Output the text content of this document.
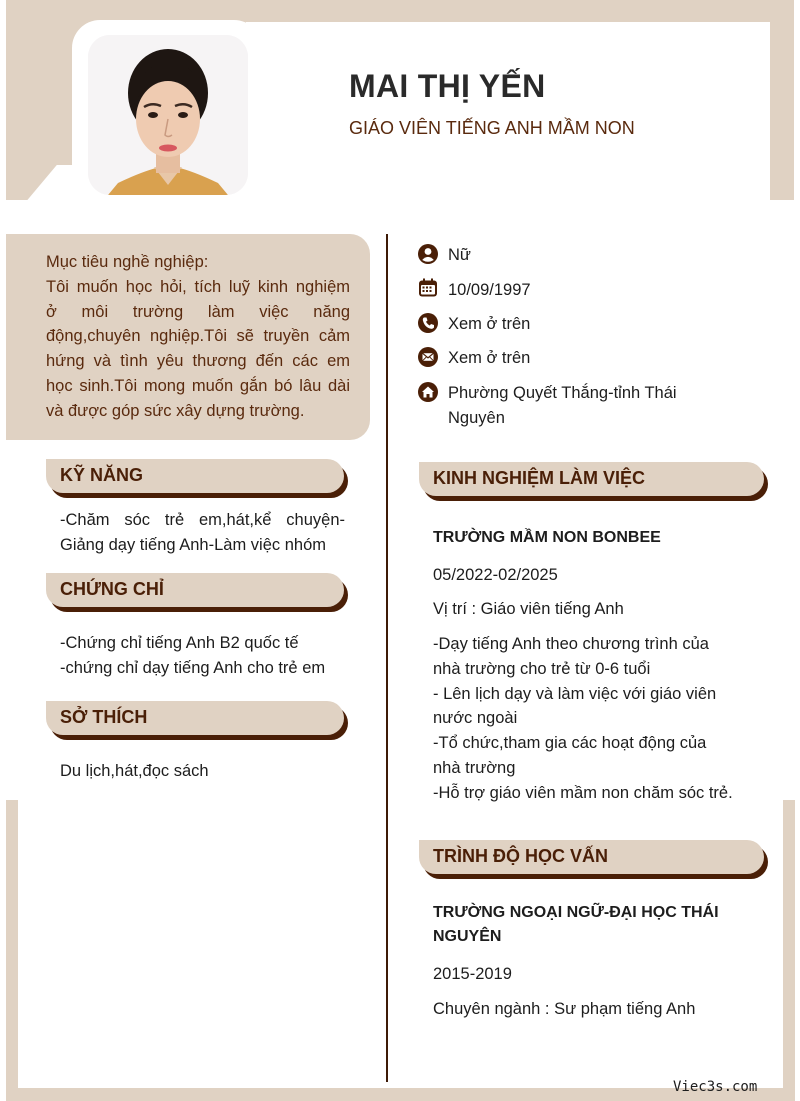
MAI THỊ YẾN
GIÁO VIÊN TIẾNG ANH MẦM NON
Mục tiêu nghề nghiệp:
Tôi muốn học hỏi, tích luỹ kinh nghiệm
ở môi trường làm việc năng
động,chuyên nghiệp.Tôi sẽ truyền cảm
hứng và tình yêu thương đến các em
học sinh.Tôi mong muốn gắn bó lâu dài
và được góp sức xây dựng trường.
KỸ NĂNG
-Chăm sóc trẻ em,hát,kể chuyện-
Giảng dạy tiếng Anh-Làm việc nhóm
CHỨNG CHỈ
-Chứng chỉ tiếng Anh B2 quốc tế
-chứng chỉ dạy tiếng Anh cho trẻ em
SỞ THÍCH
Du lịch,hát,đọc sách
Nữ
10/09/1997
Xem ở trên
Xem ở trên
Phường Quyết Thắng-tỉnh Thái
Nguyên
KINH NGHIỆM LÀM VIỆC
TRƯỜNG MẦM NON BONBEE
05/2022-02/2025
Vị trí : Giáo viên tiếng Anh
-Dạy tiếng Anh theo chương trình của
nhà trường cho trẻ từ 0-6 tuổi
- Lên lịch dạy và làm việc với giáo viên
nước ngoài
-Tổ chức,tham gia các hoạt động của
nhà trường
-Hỗ trợ giáo viên mầm non chăm sóc trẻ.
TRÌNH ĐỘ HỌC VẤN
TRƯỜNG NGOẠI NGỮ-ĐẠI HỌC THÁI
NGUYÊN
2015-2019
Chuyên ngành : Sư phạm tiếng Anh
Viec3s.com
